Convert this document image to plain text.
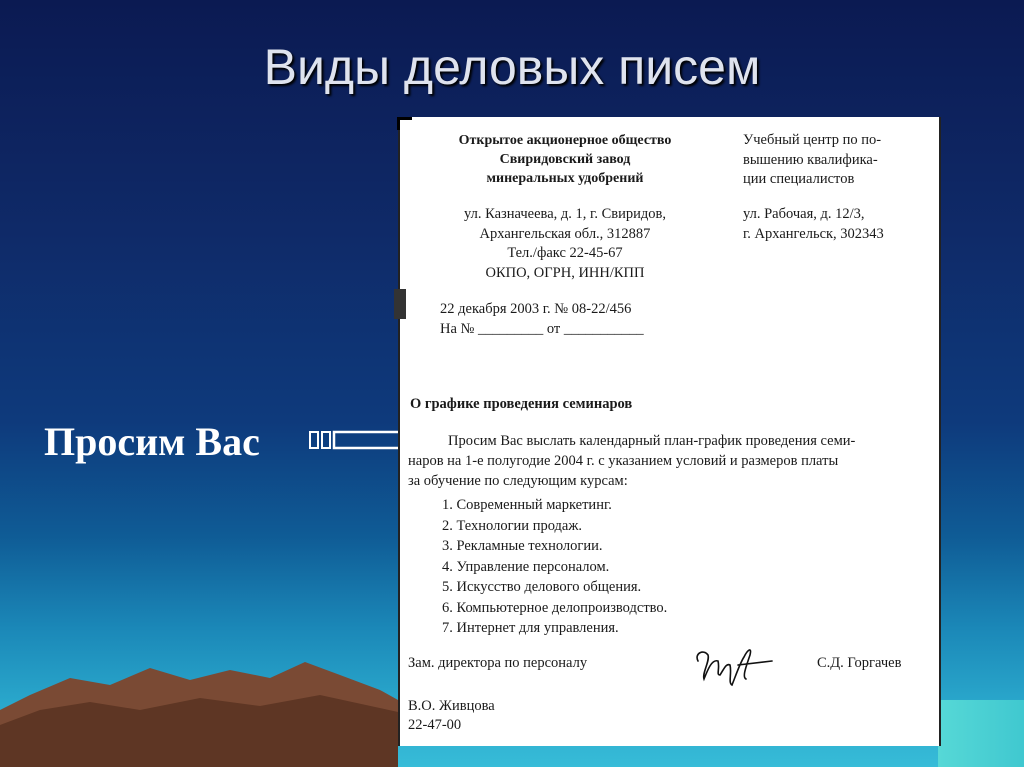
Виды деловых писем
Просим Вас
Открытое акционерное общество
Свиридовский завод
минеральных удобрений
Учебный центр по по-
вышению квалифика-
ции специалистов
ул. Казначеева, д. 1, г. Свиридов,
Архангельская обл., 312887
Тел./факс 22-45-67
ОКПО, ОГРН, ИНН/КПП
ул. Рабочая, д. 12/3,
г. Архангельск, 302343
22 декабря 2003 г. № 08-22/456
На № _________ от ___________
О графике проведения семинаров
Просим Вас выслать календарный план-график проведения семи-
наров на 1-е полугодие 2004 г. с указанием условий и размеров платы
за обучение по следующим курсам:
1. Современный маркетинг.
2. Технологии продаж.
3. Рекламные технологии.
4. Управление персоналом.
5. Искусство делового общения.
6. Компьютерное делопроизводство.
7. Интернет для управления.
Зам. директора по персоналу	С.Д. Горгачев
В.О. Живцова
22-47-00
